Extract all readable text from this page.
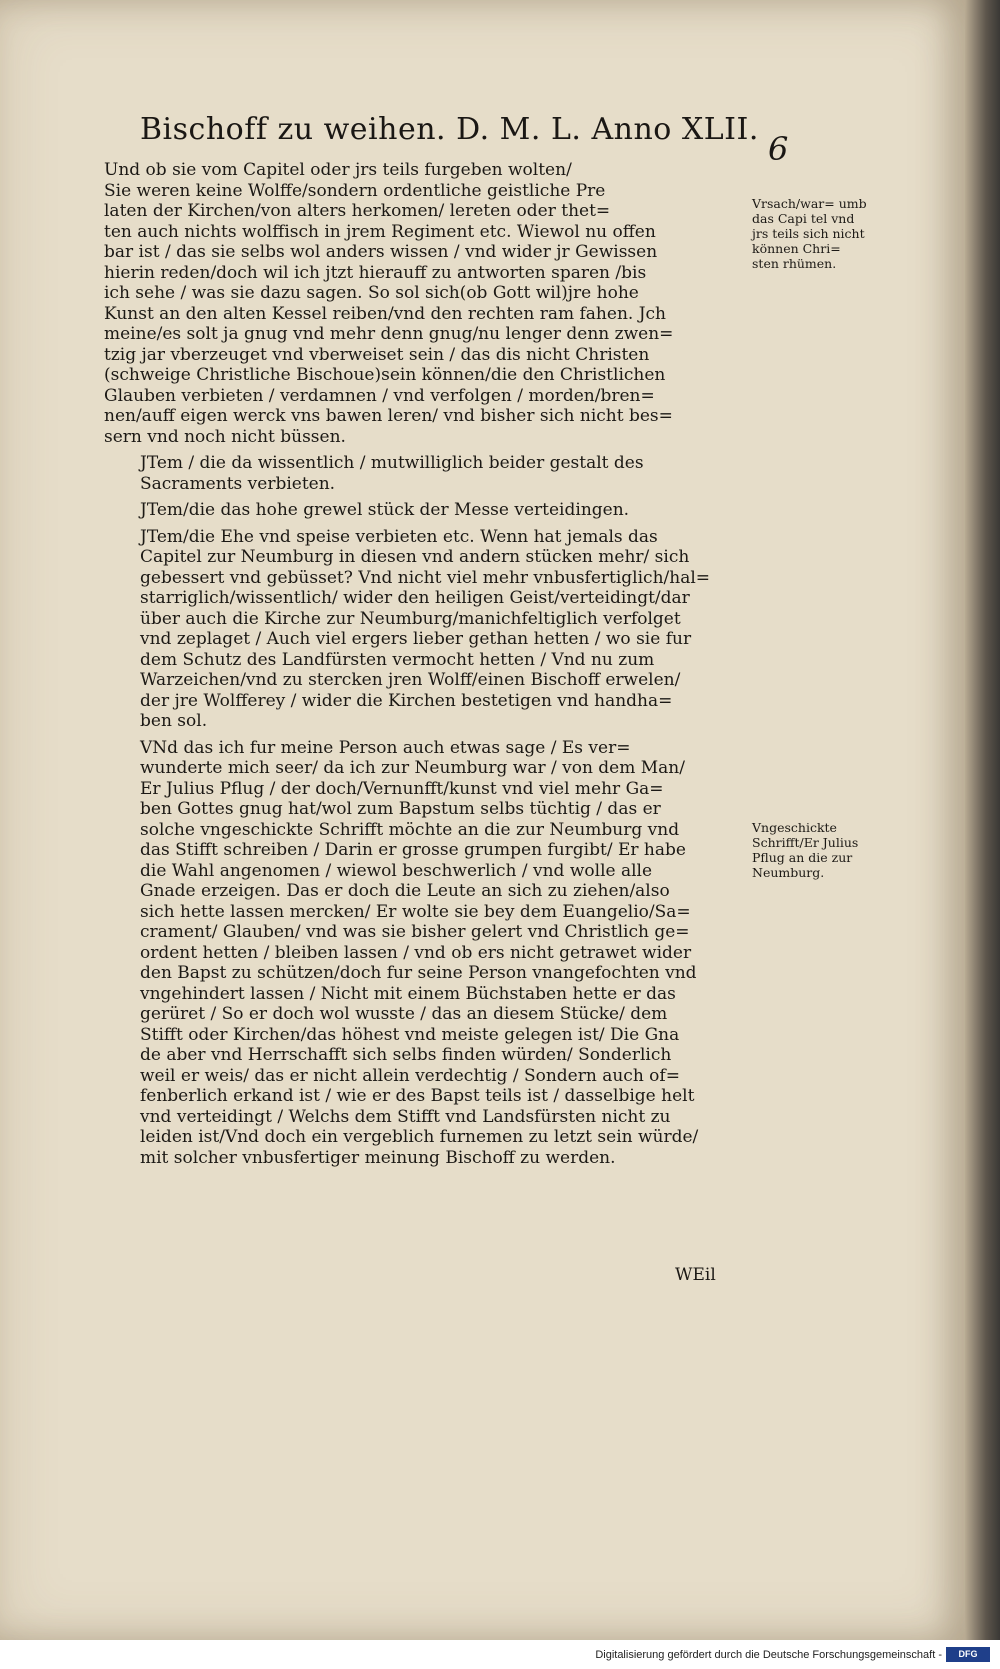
Bischoff zu weihen. D. M. L. Anno XLII.
6

Und ob sie vom Capitel oder jrs teils furgeben wolten/
Sie weren keine Wolffe/sondern ordentliche geistliche Pre
laten der Kirchen/von alters herkomen/ lereten oder thet=
ten auch nichts wolffisch in jrem Regiment etc. Wiewol nu offen
bar ist / das sie selbs wol anders wissen / vnd wider jr Gewissen
hierin reden/doch wil ich jtzt hierauff zu antworten sparen /bis
ich sehe / was sie dazu sagen. So sol sich(ob Gott wil)jre hohe
Kunst an den alten Kessel reiben/vnd den rechten ram fahen. Jch
meine/es solt ja gnug vnd mehr denn gnug/nu lenger denn zwen=
tzig jar vberzeuget vnd vberweiset sein / das dis nicht Christen
(schweige Christliche Bischoue)sein können/die den Christlichen
Glauben verbieten / verdamnen / vnd verfolgen / morden/bren=
nen/auff eigen werck vns bawen leren/ vnd bisher sich nicht bes=
sern vnd noch nicht büssen.

JTem / die da wissentlich / mutwilliglich beider gestalt des
Sacraments verbieten.

JTem/die das hohe grewel stück der Messe verteidingen.

JTem/die Ehe vnd speise verbieten etc. Wenn hat jemals das
Capitel zur Neumburg in diesen vnd andern stücken mehr/ sich
gebessert vnd gebüsset? Vnd nicht viel mehr vnbusfertiglich/hal=
starriglich/wissentlich/ wider den heiligen Geist/verteidingt/dar
über auch die Kirche zur Neumburg/manichfeltiglich verfolget
vnd zeplaget / Auch viel ergers lieber gethan hetten / wo sie fur
dem Schutz des Landfürsten vermocht hetten / Vnd nu zum
Warzeichen/vnd zu stercken jren Wolff/einen Bischoff erwelen/
der jre Wolfferey / wider die Kirchen bestetigen vnd handha=
ben sol.

VNd das ich fur meine Person auch etwas sage / Es ver=
wunderte mich seer/ da ich zur Neumburg war / von dem Man/
Er Julius Pflug / der doch/Vernunfft/kunst vnd viel mehr Ga=
ben Gottes gnug hat/wol zum Bapstum selbs tüchtig / das er
solche vngeschickte Schrifft möchte an die zur Neumburg vnd
das Stifft schreiben / Darin er grosse grumpen furgibt/ Er habe
die Wahl angenomen / wiewol beschwerlich / vnd wolle alle
Gnade erzeigen. Das er doch die Leute an sich zu ziehen/also
sich hette lassen mercken/ Er wolte sie bey dem Euangelio/Sa=
crament/ Glauben/ vnd was sie bisher gelert vnd Christlich ge=
ordent hetten / bleiben lassen / vnd ob ers nicht getrawet wider
den Bapst zu schützen/doch fur seine Person vnangefochten vnd
vngehindert lassen / Nicht mit einem Büchstaben hette er das
gerüret / So er doch wol wusste / das an diesem Stücke/ dem
Stifft oder Kirchen/das höhest vnd meiste gelegen ist/ Die Gna
de aber vnd Herrschafft sich selbs finden würden/ Sonderlich
weil er weis/ das er nicht allein verdechtig / Sondern auch of=
fenberlich erkand ist / wie er des Bapst teils ist / dasselbige helt
vnd verteidingt / Welchs dem Stifft vnd Landsfürsten nicht zu
leiden ist/Vnd doch ein vergeblich furnemen zu letzt sein würde/
mit solcher vnbusfertiger meinung Bischoff zu werden.

Vrsach/war= umb das Capi tel vnd jrs teils sich nicht können Chri= sten rhümen.
Vngeschickte Schrifft/Er Julius Pflug an die zur Neumburg.
WEil
Digitalisierung gefördert durch die Deutsche Forschungsgemeinschaft -	DFG
